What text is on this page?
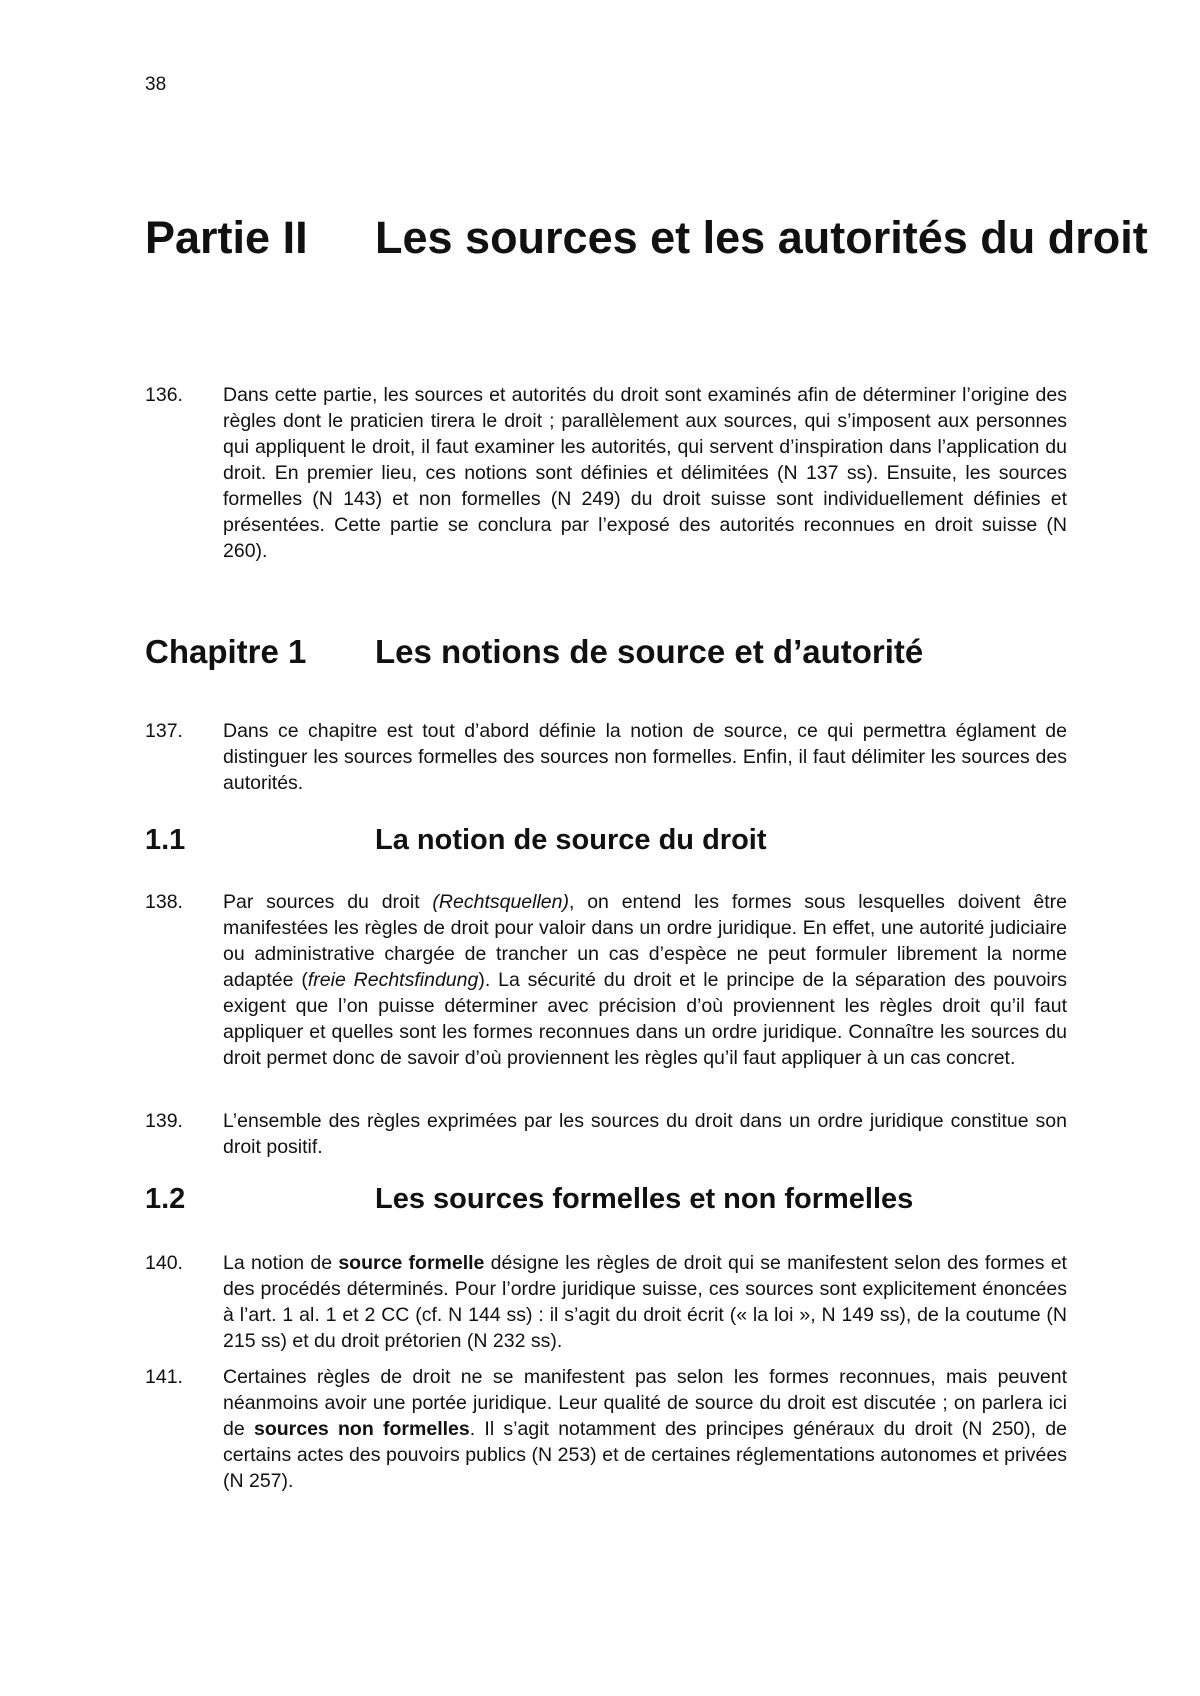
38
Partie II Les sources et les autorités du droit
136. Dans cette partie, les sources et autorités du droit sont examinés afin de déterminer l’origine des règles dont le praticien tirera le droit ; parallèlement aux sources, qui s’imposent aux personnes qui appliquent le droit, il faut examiner les autorités, qui servent d’inspiration dans l’application du droit. En premier lieu, ces notions sont définies et délimitées (N 137 ss). Ensuite, les sources formelles (N 143) et non formelles (N 249) du droit suisse sont individuellement définies et présentées. Cette partie se conclura par l’exposé des autorités reconnues en droit suisse (N 260).
Chapitre 1 Les notions de source et d’autorité
137. Dans ce chapitre est tout d’abord définie la notion de source, ce qui permettra églament de distinguer les sources formelles des sources non formelles. Enfin, il faut délimiter les sources des autorités.
1.1	La notion de source du droit
138. Par sources du droit (Rechtsquellen), on entend les formes sous lesquelles doivent être manifestées les règles de droit pour valoir dans un ordre juridique. En effet, une autorité judiciaire ou administrative chargée de trancher un cas d’espèce ne peut formuler librement la norme adaptée (freie Rechtsfindung). La sécurité du droit et le principe de la séparation des pouvoirs exigent que l’on puisse déterminer avec précision d’où proviennent les règles droit qu’il faut appliquer et quelles sont les formes reconnues dans un ordre juridique. Connaître les sources du droit permet donc de savoir d’où proviennent les règles qu’il faut appliquer à un cas concret.
139. L’ensemble des règles exprimées par les sources du droit dans un ordre juridique constitue son droit positif.
1.2	Les sources formelles et non formelles
140. La notion de source formelle désigne les règles de droit qui se manifestent selon des formes et des procédés déterminés. Pour l’ordre juridique suisse, ces sources sont explicitement énoncées à l’art. 1 al. 1 et 2 CC (cf. N 144 ss) : il s’agit du droit écrit (« la loi », N 149 ss), de la coutume (N 215 ss) et du droit prétorien (N 232 ss).
141. Certaines règles de droit ne se manifestent pas selon les formes reconnues, mais peuvent néanmoins avoir une portée juridique. Leur qualité de source du droit est discutée ; on parlera ici de sources non formelles. Il s’agit notamment des principes généraux du droit (N 250), de certains actes des pouvoirs publics (N 253) et de certaines réglementations autonomes et privées (N 257).
